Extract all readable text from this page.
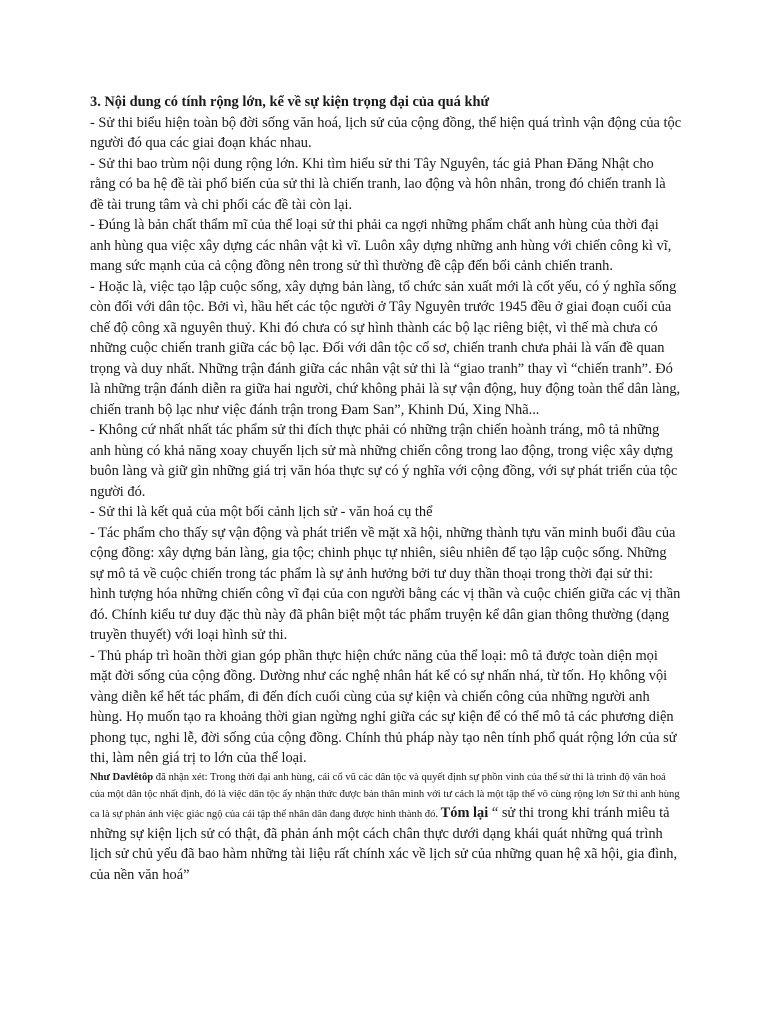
3. Nội dung có tính rộng lớn, kể về sự kiện trọng đại của quá khứ

- Sử thi biểu hiện toàn bộ đời sống văn hoá, lịch sử của cộng đồng, thể hiện quá trình vận động của tộc người đó qua các giai đoạn khác nhau.

- Sử thi bao trùm nội dung rộng lớn. Khi tìm hiểu sử thi Tây Nguyên, tác giả Phan Đăng Nhật cho rằng có ba hệ đề tài phổ biến của sử thi là chiến tranh, lao động và hôn nhân, trong đó chiến tranh là đề tài trung tâm và chi phối các đề tài còn lại.

- Đúng là bản chất thẩm mĩ của thể loại sử thi phải ca ngợi những phẩm chất anh hùng của thời đại anh hùng qua việc xây dựng các nhân vật kì vĩ. Luôn xây dựng những anh hùng với chiến công kì vĩ, mang sức mạnh của cả cộng đồng nên trong sử thì thường đề cập đến bối cảnh chiến tranh.

- Hoặc là, việc tạo lập cuộc sống, xây dựng bản làng, tổ chức sản xuất mới là cốt yếu, có ý nghĩa sống còn đối với dân tộc. Bởi vì, hầu hết các tộc người ở Tây Nguyên trước 1945 đều ở giai đoạn cuối của chế độ công xã nguyên thuỷ. Khi đó chưa có sự hình thành các bộ lạc riêng biệt, vì thế mà chưa có những cuộc chiến tranh giữa các bộ lạc. Đối với dân tộc cổ sơ, chiến tranh chưa phải là vấn đề quan trọng và duy nhất. Những trận đánh giữa các nhân vật sử thi là “giao tranh” thay vì “chiến tranh”. Đó là những trận đánh diễn ra giữa hai người, chứ không phải là sự vận động, huy động toàn thể dân làng, chiến tranh bộ lạc như việc đánh trận trong Đam San”, Khinh Dú, Xing Nhã...

- Không cứ nhất nhất tác phẩm sử thi đích thực phải có những trận chiến hoành tráng, mô tả những anh hùng có khả năng xoay chuyển lịch sử mà những chiến công trong lao động, trong việc xây dựng buôn làng và giữ gìn những giá trị văn hóa thực sự có ý nghĩa với cộng đồng, với sự phát triển của tộc người đó.

- Sử thi là kết quả của một bối cảnh lịch sử - văn hoá cụ thể

- Tác phẩm cho thấy sự vận động và phát triển về mặt xã hội, những thành tựu văn minh buổi đầu của cộng đồng: xây dựng bản làng, gia tộc; chinh phục tự nhiên, siêu nhiên để tạo lập cuộc sống. Những sự mô tả về cuộc chiến trong tác phẩm là sự ảnh hưởng bởi tư duy thần thoại trong thời đại sử thi: hình tượng hóa những chiến công vĩ đại của con người bằng các vị thần và cuộc chiến giữa các vị thần đó. Chính kiểu tư duy đặc thù này đã phân biệt một tác phẩm truyện kể dân gian thông thường (dạng truyền thuyết) với loại hình sử thi.

- Thủ pháp trì hoãn thời gian góp phần thực hiện chức năng của thể loại: mô tả được toàn diện mọi mặt đời sống của cộng đồng. Dường như các nghệ nhân hát kể có sự nhấn nhá, từ tốn. Họ không vội vàng diễn kể hết tác phẩm, đi đến đích cuối cùng của sự kiện và chiến công của những người anh hùng. Họ muốn tạo ra khoảng thời gian ngừng nghỉ giữa các sự kiện để có thể mô tả các phương diện phong tục, nghi lễ, đời sống của cộng đồng. Chính thủ pháp này tạo nên tính phổ quát rộng lớn của sử thi, làm nên giá trị to lớn của thể loại.

Như Davlêtôp đã nhận xét: Trong thời đại anh hùng, cái cổ vũ các dân tộc và quyết định sự phồn vinh của thể sử thi là trình độ văn hoá của một dân tộc nhất định, đó là việc dân tộc ấy nhận thức được bản thân mình với tư cách là một tập thể vô cùng rộng lơn Sử thi anh hùng ca là sự phản ánh việc giác ngộ của cái tập thể nhân dân đang được hình thành đó. Tóm lại “ sử thi trong khi tránh miêu tả những sự kiện lịch sử có thật, đã phản ánh một cách chân thực dưới dạng khái quát những quá trình lịch sử chủ yếu đã bao hàm những tài liệu rất chính xác về lịch sử của những quan hệ xã hội, gia đình, của nền văn hoá”
